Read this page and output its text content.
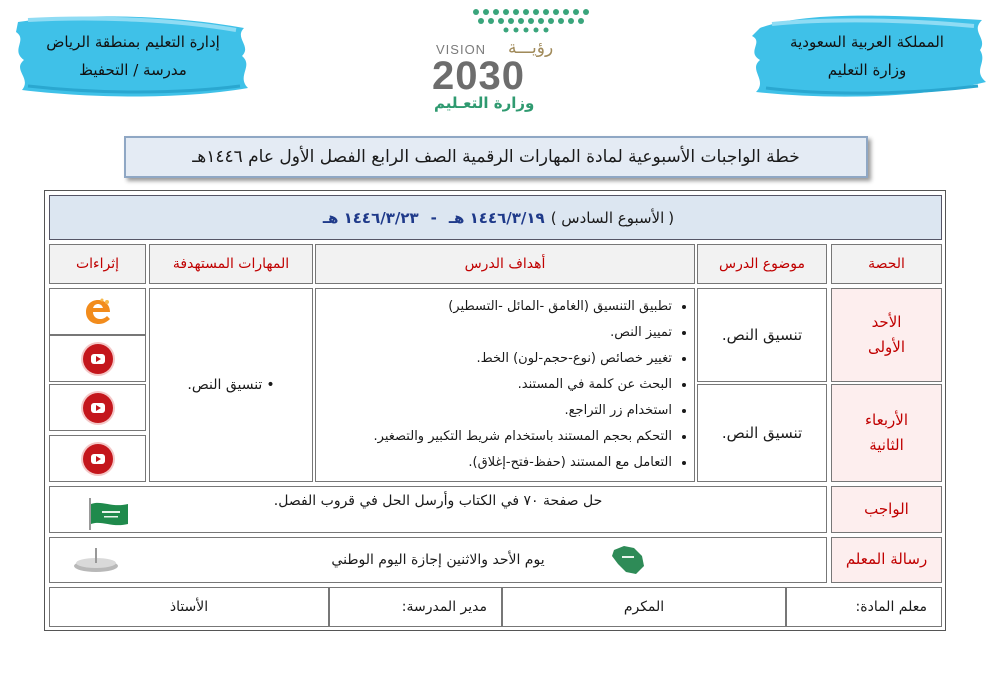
المملكة العربية السعودية
وزارة التعليم
إدارة التعليم بمنطقة الرياض
مدرسة / التحفيظ
VISION رؤيـــة
2030
وزارة التعـليم
خطة الواجبات الأسبوعية لمادة المهارات الرقمية الصف الرابع الفصل الأول عام ١٤٤٦هـ
(
الأسبوع السادس )
١٤٤٦/٣/١٩ هـ
-
١٤٤٦/٣/٢٣ هـ
الحصة
موضوع الدرس
أهداف الدرس
المهارات المستهدفة
إثراءات
الأحد
الأولى
الأربعاء
الثانية
تنسيق النص.
تنسيق النص.
• تطبيق التنسيق (الغامق -المائل -التسطير)
• تمييز النص.
• تغيير خصائص (نوع-حجم-لون) الخط.
• البحث عن كلمة في المستند.
• استخدام زر التراجع.
• التحكم بحجم المستند باستخدام شريط التكبير والتصغير.
• التعامل مع المستند (حفظ-فتح-إغلاق).
•
تنسيق النص.
الواجب
حل صفحة ٧٠ في الكتاب وأرسل الحل في قروب الفصل.
رسالة المعلم
يوم الأحد والاثنين إجازة اليوم الوطني
معلم المادة:
المكرم
مدير المدرسة:
الأستاذ
